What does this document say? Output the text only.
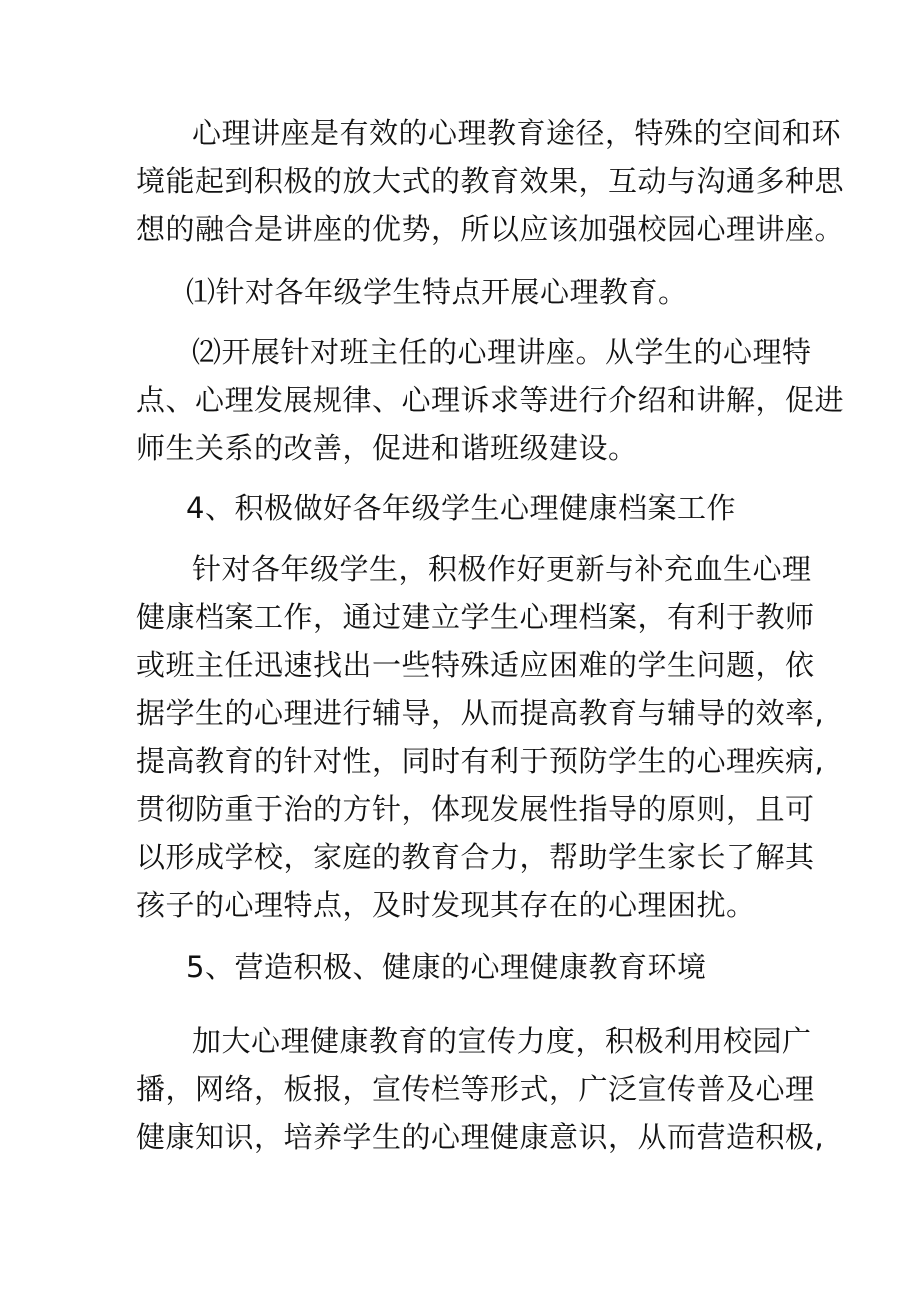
心理讲座是有效的心理教育途径，特殊的空间和环
境能起到积极的放大式的教育效果，互动与沟通多种思
想的融合是讲座的优势，所以应该加强校园心理讲座。
⑴针对各年级学生特点开展心理教育。
⑵开展针对班主任的心理讲座。从学生的心理特
点、心理发展规律、心理诉求等进行介绍和讲解，促进
师生关系的改善，促进和谐班级建设。
4、积极做好各年级学生心理健康档案工作
针对各年级学生，积极作好更新与补充血生心理
健康档案工作，通过建立学生心理档案，有利于教师
或班主任迅速找出一些特殊适应困难的学生问题，依
据学生的心理进行辅导，从而提高教育与辅导的效率,
提高教育的针对性，同时有利于预防学生的心理疾病,
贯彻防重于治的方针，体现发展性指导的原则，且可
以形成学校，家庭的教育合力，帮助学生家长了解其
孩子的心理特点，及时发现其存在的心理困扰。
5、营造积极、健康的心理健康教育环境
加大心理健康教育的宣传力度，积极利用校园广
播，网络，板报，宣传栏等形式，广泛宣传普及心理
健康知识，培养学生的心理健康意识，从而营造积极,
